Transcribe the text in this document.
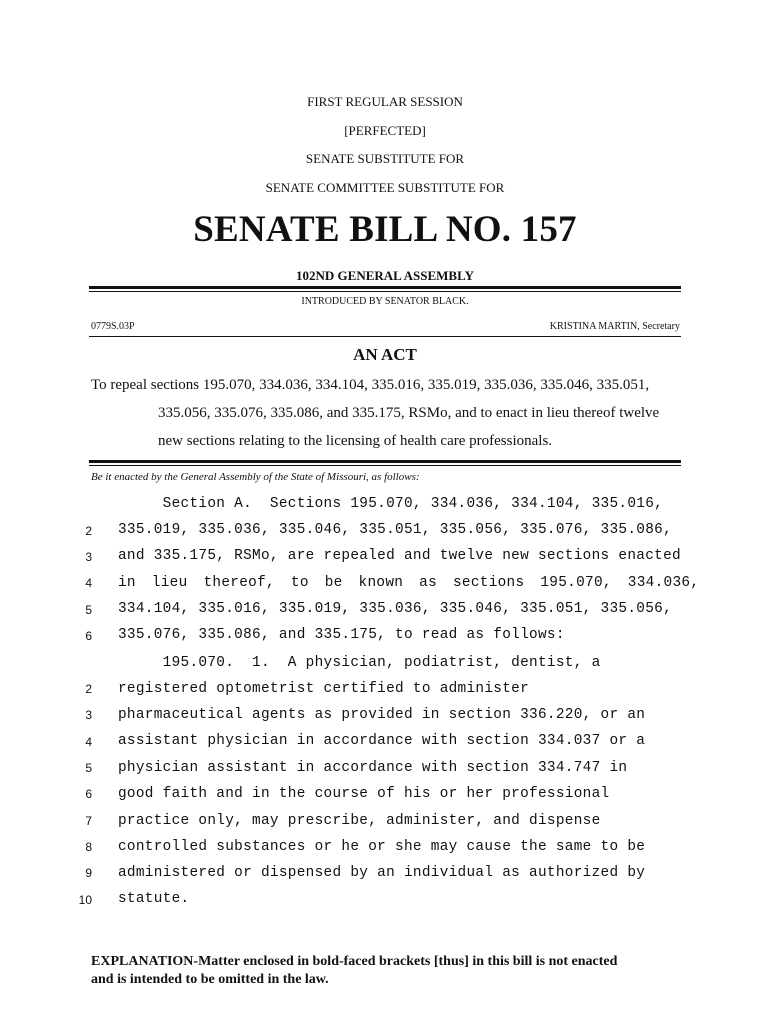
FIRST REGULAR SESSION
[PERFECTED]
SENATE SUBSTITUTE FOR
SENATE COMMITTEE SUBSTITUTE FOR
SENATE BILL NO. 157
102ND GENERAL ASSEMBLY
INTRODUCED BY SENATOR BLACK.
0779S.03P	KRISTINA MARTIN, Secretary
AN ACT
To repeal sections 195.070, 334.036, 334.104, 335.016, 335.019, 335.036, 335.046, 335.051,
335.056, 335.076, 335.086, and 335.175, RSMo, and to enact in lieu thereof twelve
new sections relating to the licensing of health care professionals.
Be it enacted by the General Assembly of the State of Missouri, as follows:
Section A.  Sections 195.070, 334.036, 334.104, 335.016,
2 335.019, 335.036, 335.046, 335.051, 335.056, 335.076, 335.086,
3 and 335.175, RSMo, are repealed and twelve new sections enacted
4 in lieu thereof, to be known as sections 195.070, 334.036,
5 334.104, 335.016, 335.019, 335.036, 335.046, 335.051, 335.056,
6 335.076, 335.086, and 335.175, to read as follows:
195.070.  1.  A physician, podiatrist, dentist, a
2 registered optometrist certified to administer
3 pharmaceutical agents as provided in section 336.220, or an
4 assistant physician in accordance with section 334.037 or a
5 physician assistant in accordance with section 334.747 in
6 good faith and in the course of his or her professional
7 practice only, may prescribe, administer, and dispense
8 controlled substances or he or she may cause the same to be
9 administered or dispensed by an individual as authorized by
10 statute.
EXPLANATION-Matter enclosed in bold-faced brackets [thus] in this bill is not enacted
and is intended to be omitted in the law.
